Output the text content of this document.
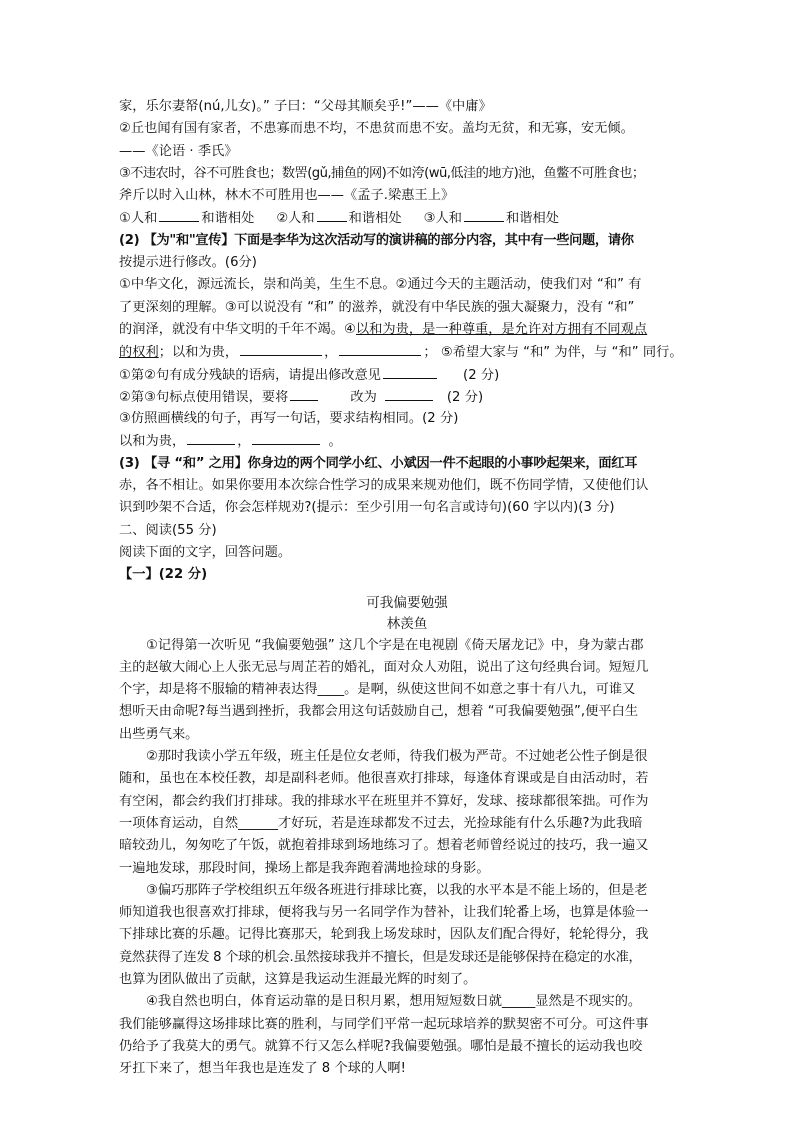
家，乐尔妻帑(nú,儿女)。” 子曰：“父母其顺矣乎!”——《中庸》
②丘也闻有国有家者，不患寡而患不均，不患贫而患不安。盖均无贫，和无寡，安无倾。
——《论语 · 季氏》
③不违农时，谷不可胜食也；数罟(gǔ,捕鱼的网)不如洿(wū,低洼的地方)池，鱼鳖不可胜食也；
斧斤以时入山林，林木不可胜用也——《孟子.梁惠王上》
①人和	和谐相处 ②人和	和谐相处 ③人和	和谐相处
(2) 【为"和"宣传】下面是李华为这次活动写的演讲稿的部分内容，其中有一些问题，请你
按提示进行修改。(6分)
①中华文化，源远流长，崇和尚美，生生不息。②通过今天的主题活动，使我们对 “和” 有
了更深刻的理解。③可以说没有 “和” 的滋养，就没有中华民族的强大凝聚力，没有 “和”
的润泽，就没有中华文明的千年不竭。④以和为贵，是一种尊重，是允许对方拥有不同观点
的权利；以和为贵，	，	； ⑤希望大家与 “和” 为伴，与 “和” 同行。
①第②句有成分残缺的语病，请提出修改意见	(2 分)
②第③句标点使用错误，要将	改为	(2 分)
③仿照画横线的句子，再写一句话，要求结构相同。(2 分)
以和为贵，	，	。
(3) 【寻 “和” 之用】你身边的两个同学小红、小斌因一件不起眼的小事吵起架来，面红耳
赤，各不相让。如果你要用本次综合性学习的成果来规劝他们，既不伤同学情，又使他们认
识到吵架不合适，你会怎样规劝?(提示：至少引用一句名言或诗句)(60 字以内)(3 分)
二、阅读(55 分)
阅读下面的文字，回答问题。
【一】(22 分)
可我偏要勉强
林羡鱼
①记得第一次听见 “我偏要勉强” 这几个字是在电视剧《倚天屠龙记》中，身为蒙古郡
主的赵敏大闹心上人张无忌与周芷若的婚礼，面对众人劝阻，说出了这句经典台词。短短几
个字，却是将不服输的精神表达得____。是啊，纵使这世间不如意之事十有八九，可谁又
想听天由命呢?每当遇到挫折，我都会用这句话鼓励自己，想着 “可我偏要勉强”,便平白生
出些勇气来。
②那时我读小学五年级，班主任是位女老师，待我们极为严苛。不过她老公性子倒是很
随和，虽也在本校任教，却是副科老师。他很喜欢打排球，每逢体育课或是自由活动时，若
有空闲，都会约我们打排球。我的排球水平在班里并不算好，发球、接球都很笨拙。可作为
一项体育运动，自然______才好玩，若是连球都发不过去，光捡球能有什么乐趣?为此我暗
暗较劲儿，匆匆吃了午饭，就抱着排球到场地练习了。想着老师曾经说过的技巧，我一遍又
一遍地发球，那段时间，操场上都是我奔跑着满地捡球的身影。
③偏巧那阵子学校组织五年级各班进行排球比赛，以我的水平本是不能上场的，但是老
师知道我也很喜欢打排球，便将我与另一名同学作为替补，让我们轮番上场，也算是体验一
下排球比赛的乐趣。记得比赛那天，轮到我上场发球时，因队友们配合得好，轮轮得分，我
竟然获得了连发 8 个球的机会.虽然接球我并不擅长，但是发球还是能够保持在稳定的水准，
也算为团队做出了贡献，这算是我运动生涯最光辉的时刻了。
④我自然也明白，体育运动靠的是日积月累，想用短短数日就_____显然是不现实的。
我们能够赢得这场排球比赛的胜利，与同学们平常一起玩球培养的默契密不可分。可这件事
仍给予了我莫大的勇气。就算不行又怎么样呢?我偏要勉强。哪怕是最不擅长的运动我也咬
牙扛下来了，想当年我也是连发了 8 个球的人啊!
